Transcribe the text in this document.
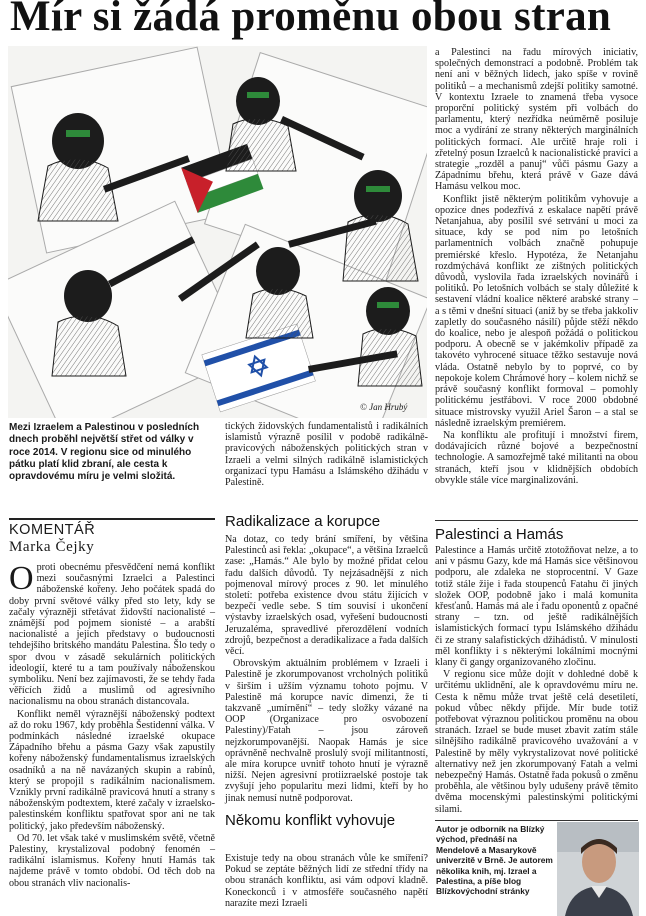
Mír si žádá proměnu obou stran
© Jan Hrubý
Mezi Izraelem a Palestinou v posledních dnech proběhl největší střet od války v roce 2014. V regionu sice od minulého pátku platí klid zbraní, ale cesta k opravdovému míru je velmi složitá.
KOMENTÁŘ
Marka Čejky

Oproti obecnému přesvědčení nemá konflikt mezi současnými Izraelci a Palestinci náboženské kořeny. Jeho počátek spadá do doby první světové války před sto lety, kdy se začaly výrazněji střetávat židovští nacionalisté – známější pod pojmem sionisté – a arabští nacionalisté a jejich představy o budoucnosti tehdejšího britského mandátu Palestina. Šlo tedy o spor dvou v zásadě sekulárních politických ideologií, které tu a tam používaly náboženskou symboliku. Není bez zajímavosti, že se tehdy řada věřících židů a muslimů od agresivního nacionalismu na obou stranách distancovala.

Konflikt neměl výraznější náboženský podtext až do roku 1967, kdy proběhla Šestidenní válka. V podmínkách následné izraelské okupace Západního břehu a pásma Gazy však zapustily kořeny náboženský fundamentalismus izraelských osadníků a na ně navázaných skupin a rabínů, který se propojil s radikálním nacionalismem. Vznikly první radikálně pravicová hnutí a strany s náboženským podtextem, které začaly v izraelsko-palestinském konfliktu spatřovat spor ani ne tak politický, jako především náboženský.

Od 70. let však také v muslimském světě, včetně Palestiny, krystalizoval podobný fenomén – radikální islamismus. Kořeny hnutí Hamás tak najdeme právě v tomto období. Od těch dob na obou stranách vliv nacionalis-

tických židovských fundamentalistů i radikálních islamistů výrazně posílil v podobě radikálně-pravicových náboženských politických stran v Izraeli a velmi silných radikálně islamistických organizací typu Hamásu a Islámského džihádu v Palestině.

Radikalizace a korupce

Na dotaz, co tedy brání smíření, by většina Palestinců asi řekla: „okupace“, a většina Izraelců zase: „Hamás.“ Ale bylo by možné přidat celou řadu dalších důvodů. Ty nejzásadnější z nich pojmenoval mírový proces z 90. let minulého století: potřeba existence dvou státu žijících v bezpečí vedle sebe. S tím souvisí i ukončení výstavby izraelských osad, vyřešení budoucnosti Jeruzaléma, spravedlivé přerozdělení vodních zdrojů, bezpečnost a deradikalizace a řada dalších věcí.

Obrovským aktuálním problémem v Izraeli i Palestině je zkorumpovanost vrcholných politiků v širším i užším významu tohoto pojmu. V Palestině má korupce navíc dimenzi, že ti takzvaně „umírnění“ – tedy složky vázané na OOP (Organizace pro osvobození Palestiny)/Fatah – jsou zároveň nejzkorumpovanější. Naopak Hamás je sice oprávněně nechvalně proslulý svojí militantností, ale míra korupce uvnitř tohoto hnutí je výrazně nižší. Nejen agresivní protiizraelské postoje tak zvyšují jeho popularitu mezi lidmi, kteří by ho jinak nemusí nutně podporovat.

Někomu konflikt vyhovuje

Existuje tedy na obou stranách vůle ke smíření? Pokud se zeptáte běžných lidí ze střední třídy na obou stranách konfliktu, asi vám odpoví kladně. Koneckonců i v atmosféře současného napětí narazíte mezi Izraeli

a Palestinci na řadu mírových iniciativ, společných demonstrací a podobně. Problém tak není ani v běžných lidech, jako spíše v rovině politiků – a mechanismů zdejší politiky samotné. V kontextu Izraele to znamená třeba vysoce proporční politický systém při volbách do parlamentu, který nezřídka neúměrně posiluje moc a vydírání ze strany některých marginálních politických formací. Ale určitě hraje roli i zřetelný posun Izraelců k nacionalistické pravici a strategie „rozděl a panuj“ vůči pásmu Gazy a Západnímu břehu, která právě v Gaze dává Hamásu velkou moc.

Konflikt jistě některým politikům vyhovuje a opozice dnes podezřívá z eskalace napětí právě Netanjahua, aby posílil své setrvání u moci za situace, kdy se pod ním po letošních parlamentních volbách značně pohupuje premiérské křeslo. Hypotéza, že Netanjahu rozdmýchává konflikt ze zištných politických důvodů, vyslovila řada izraelských novinářů i politiků. Po letošních volbách se staly důležité k sestavení vládní koalice některé arabské strany – a s těmi v dnešní situaci (aniž by se třeba jakkoliv zapletly do současného násilí) půjde stěží někdo do koalice, nebo je alespoň požádá o politickou podporu. A obecně se v jakémkoliv případě za takovéto vyhrocené situace těžko sestavuje nová vláda. Ostatně nebylo by to poprvé, co by nepokoje kolem Chrámové hory – kolem nichž se právě současný konflikt formoval – pomohly politickému jestřábovi. V roce 2000 obdobné situace mistrovsky využil Ariel Šaron – a stal se následně izraelským premiérem.

Na konfliktu ale profitují i množství firem, dodávajících různé bojové a bezpečnostní technologie. A samozřejmě také militanti na obou stranách, kteří jsou v klidnějších obdobích obvykle stále více marginalizováni.

Palestinci a Hamás

Palestince a Hamás určitě ztotožňovat nelze, a to ani v pásmu Gazy, kde má Hamás sice většinovou podporu, ale zdaleka ne stoprocentní. V Gaze totiž stále žije i řada stoupenců Fatahu či jiných složek OOP, podobně jako i malá komunita křesťanů. Hamás má ale i řadu oponentů z opačné strany – tzn. od ještě radikálnějších islamistických formací typu Islámského džihádu či ze strany salafistických džihádistů. V minulosti měl konflikty i s některými lokálními mocnými klany či gangy organizovaného zločinu.

V regionu sice může dojít v dohledné době k určitému uklidnění, ale k opravdovému míru ne. Cesta k němu může trvat ještě celá desetiletí, pokud vůbec někdy přijde. Mír bude totiž potřebovat výraznou politickou proměnu na obou stranách. Izrael se bude muset zbavit zatím stále silnějšího radikálně pravicového uvažování a v Palestině by měly vykrystalizovat nové politické alternativy než jen zkorumpovaný Fatah a velmi nebezpečný Hamás. Ostatně řada pokusů o změnu proběhla, ale většinou byly udušeny právě těmito dvěma mocenskými palestinskými politickými silami.

Autor je odborník na Blízký východ, přednáší na Mendelově a Masarykově univerzitě v Brně. Je autorem několika knih, mj. Izrael a Palestina, a píše blog Blízkovýchodní stránky
